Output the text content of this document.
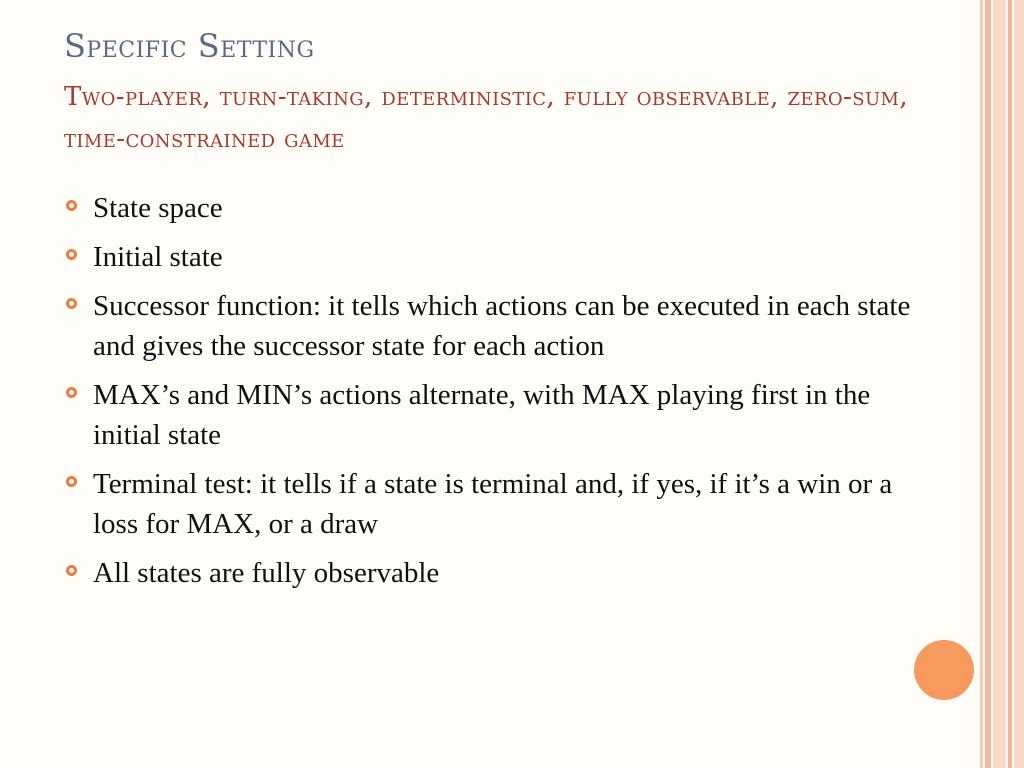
Specific Setting
Two-player, turn-taking, deterministic, fully observable, zero-sum, time-constrained game
State space
Initial state
Successor function: it tells which actions can be executed in each state and gives the successor state for each action
MAX’s and MIN’s actions alternate, with MAX playing first in the initial state
Terminal test: it tells if a state is terminal and, if yes, if it’s a win or a loss for MAX, or a draw
All states are fully observable
